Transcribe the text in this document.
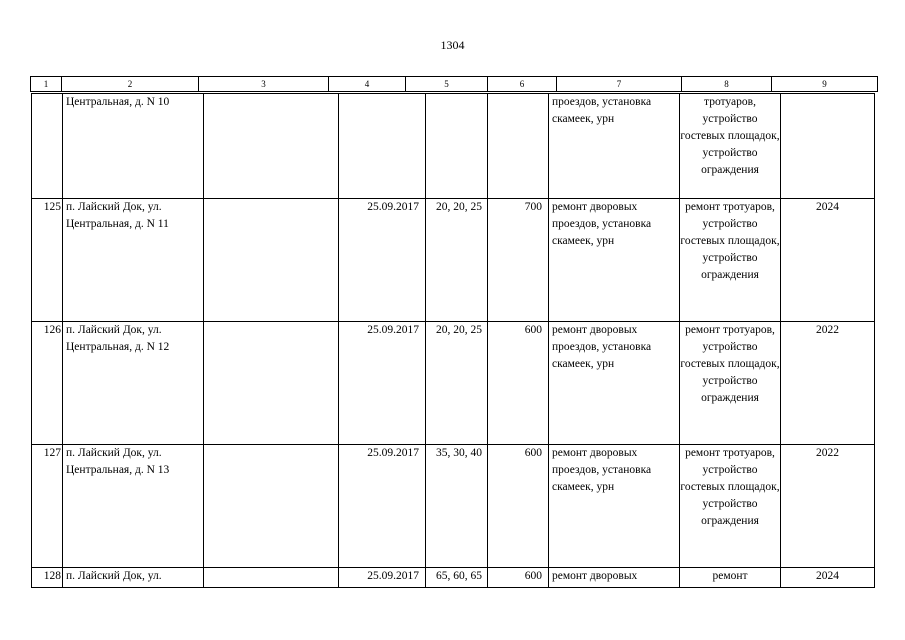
1304
1	2	3	4	5	6	7	8	9
	Центральная, д. N 10					проездов, установка скамеек, урн	тротуаров, устройство гостевых площадок, устройство ограждения	
125	п. Лайский Док, ул. Центральная, д. N 11		25.09.2017	20, 20, 25	700	ремонт дворовых проездов, установка скамеек, урн	ремонт тротуаров, устройство гостевых площадок, устройство ограждения	2024
126	п. Лайский Док, ул. Центральная, д. N 12		25.09.2017	20, 20, 25	600	ремонт дворовых проездов, установка скамеек, урн	ремонт тротуаров, устройство гостевых площадок, устройство ограждения	2022
127	п. Лайский Док, ул. Центральная, д. N 13		25.09.2017	35, 30, 40	600	ремонт дворовых проездов, установка скамеек, урн	ремонт тротуаров, устройство гостевых площадок, устройство ограждения	2022
128	п. Лайский Док, ул.		25.09.2017	65, 60, 65	600	ремонт дворовых	ремонт	2024
